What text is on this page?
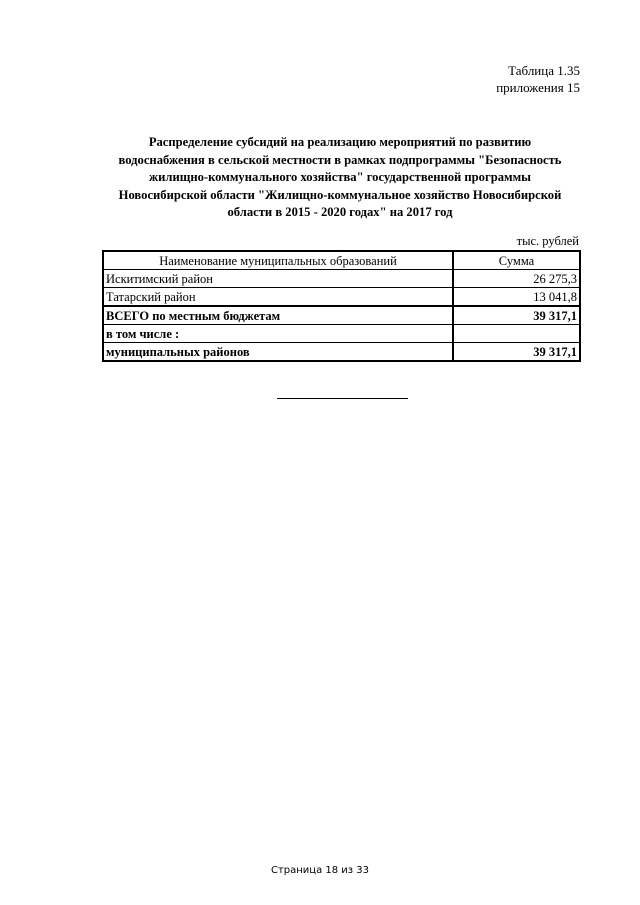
Таблица 1.35
приложения 15
Распределение субсидий на реализацию мероприятий по развитию
водоснабжения в сельской местности в рамках подпрограммы "Безопасность
жилищно-коммунального хозяйства" государственной программы
Новосибирской области "Жилищно-коммунальное хозяйство Новосибирской
области в 2015 - 2020 годах" на 2017 год
тыс. рублей
Наименование муниципальных образований	Сумма
Искитимский район	26 275,3
Татарский район	13 041,8
ВСЕГО по местным бюджетам	39 317,1
в том числе :	
муниципальных районов	39 317,1
Страница 18 из 33
